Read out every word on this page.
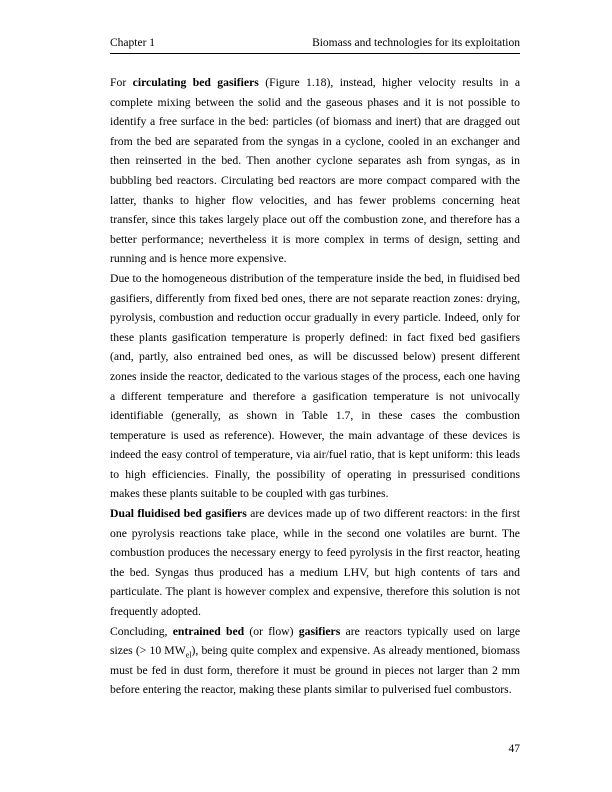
Chapter 1	Biomass and technologies for its exploitation

For circulating bed gasifiers (Figure 1.18), instead, higher velocity results in a complete mixing between the solid and the gaseous phases and it is not possible to identify a free surface in the bed: particles (of biomass and inert) that are dragged out from the bed are separated from the syngas in a cyclone, cooled in an exchanger and then reinserted in the bed. Then another cyclone separates ash from syngas, as in bubbling bed reactors. Circulating bed reactors are more compact compared with the latter, thanks to higher flow velocities, and has fewer problems concerning heat transfer, since this takes largely place out off the combustion zone, and therefore has a better performance; nevertheless it is more complex in terms of design, setting and running and is hence more expensive.

Due to the homogeneous distribution of the temperature inside the bed, in fluidised bed gasifiers, differently from fixed bed ones, there are not separate reaction zones: drying, pyrolysis, combustion and reduction occur gradually in every particle. Indeed, only for these plants gasification temperature is properly defined: in fact fixed bed gasifiers (and, partly, also entrained bed ones, as will be discussed below) present different zones inside the reactor, dedicated to the various stages of the process, each one having a different temperature and therefore a gasification temperature is not univocally identifiable (generally, as shown in Table 1.7, in these cases the combustion temperature is used as reference). However, the main advantage of these devices is indeed the easy control of temperature, via air/fuel ratio, that is kept uniform: this leads to high efficiencies. Finally, the possibility of operating in pressurised conditions makes these plants suitable to be coupled with gas turbines.

Dual fluidised bed gasifiers are devices made up of two different reactors: in the first one pyrolysis reactions take place, while in the second one volatiles are burnt. The combustion produces the necessary energy to feed pyrolysis in the first reactor, heating the bed. Syngas thus produced has a medium LHV, but high contents of tars and particulate. The plant is however complex and expensive, therefore this solution is not frequently adopted.

Concluding, entrained bed (or flow) gasifiers are reactors typically used on large sizes (> 10 $MW_{el}$), being quite complex and expensive. As already mentioned, biomass must be fed in dust form, therefore it must be ground in pieces not larger than 2 mm before entering the reactor, making these plants similar to pulverised fuel combustors.

47
